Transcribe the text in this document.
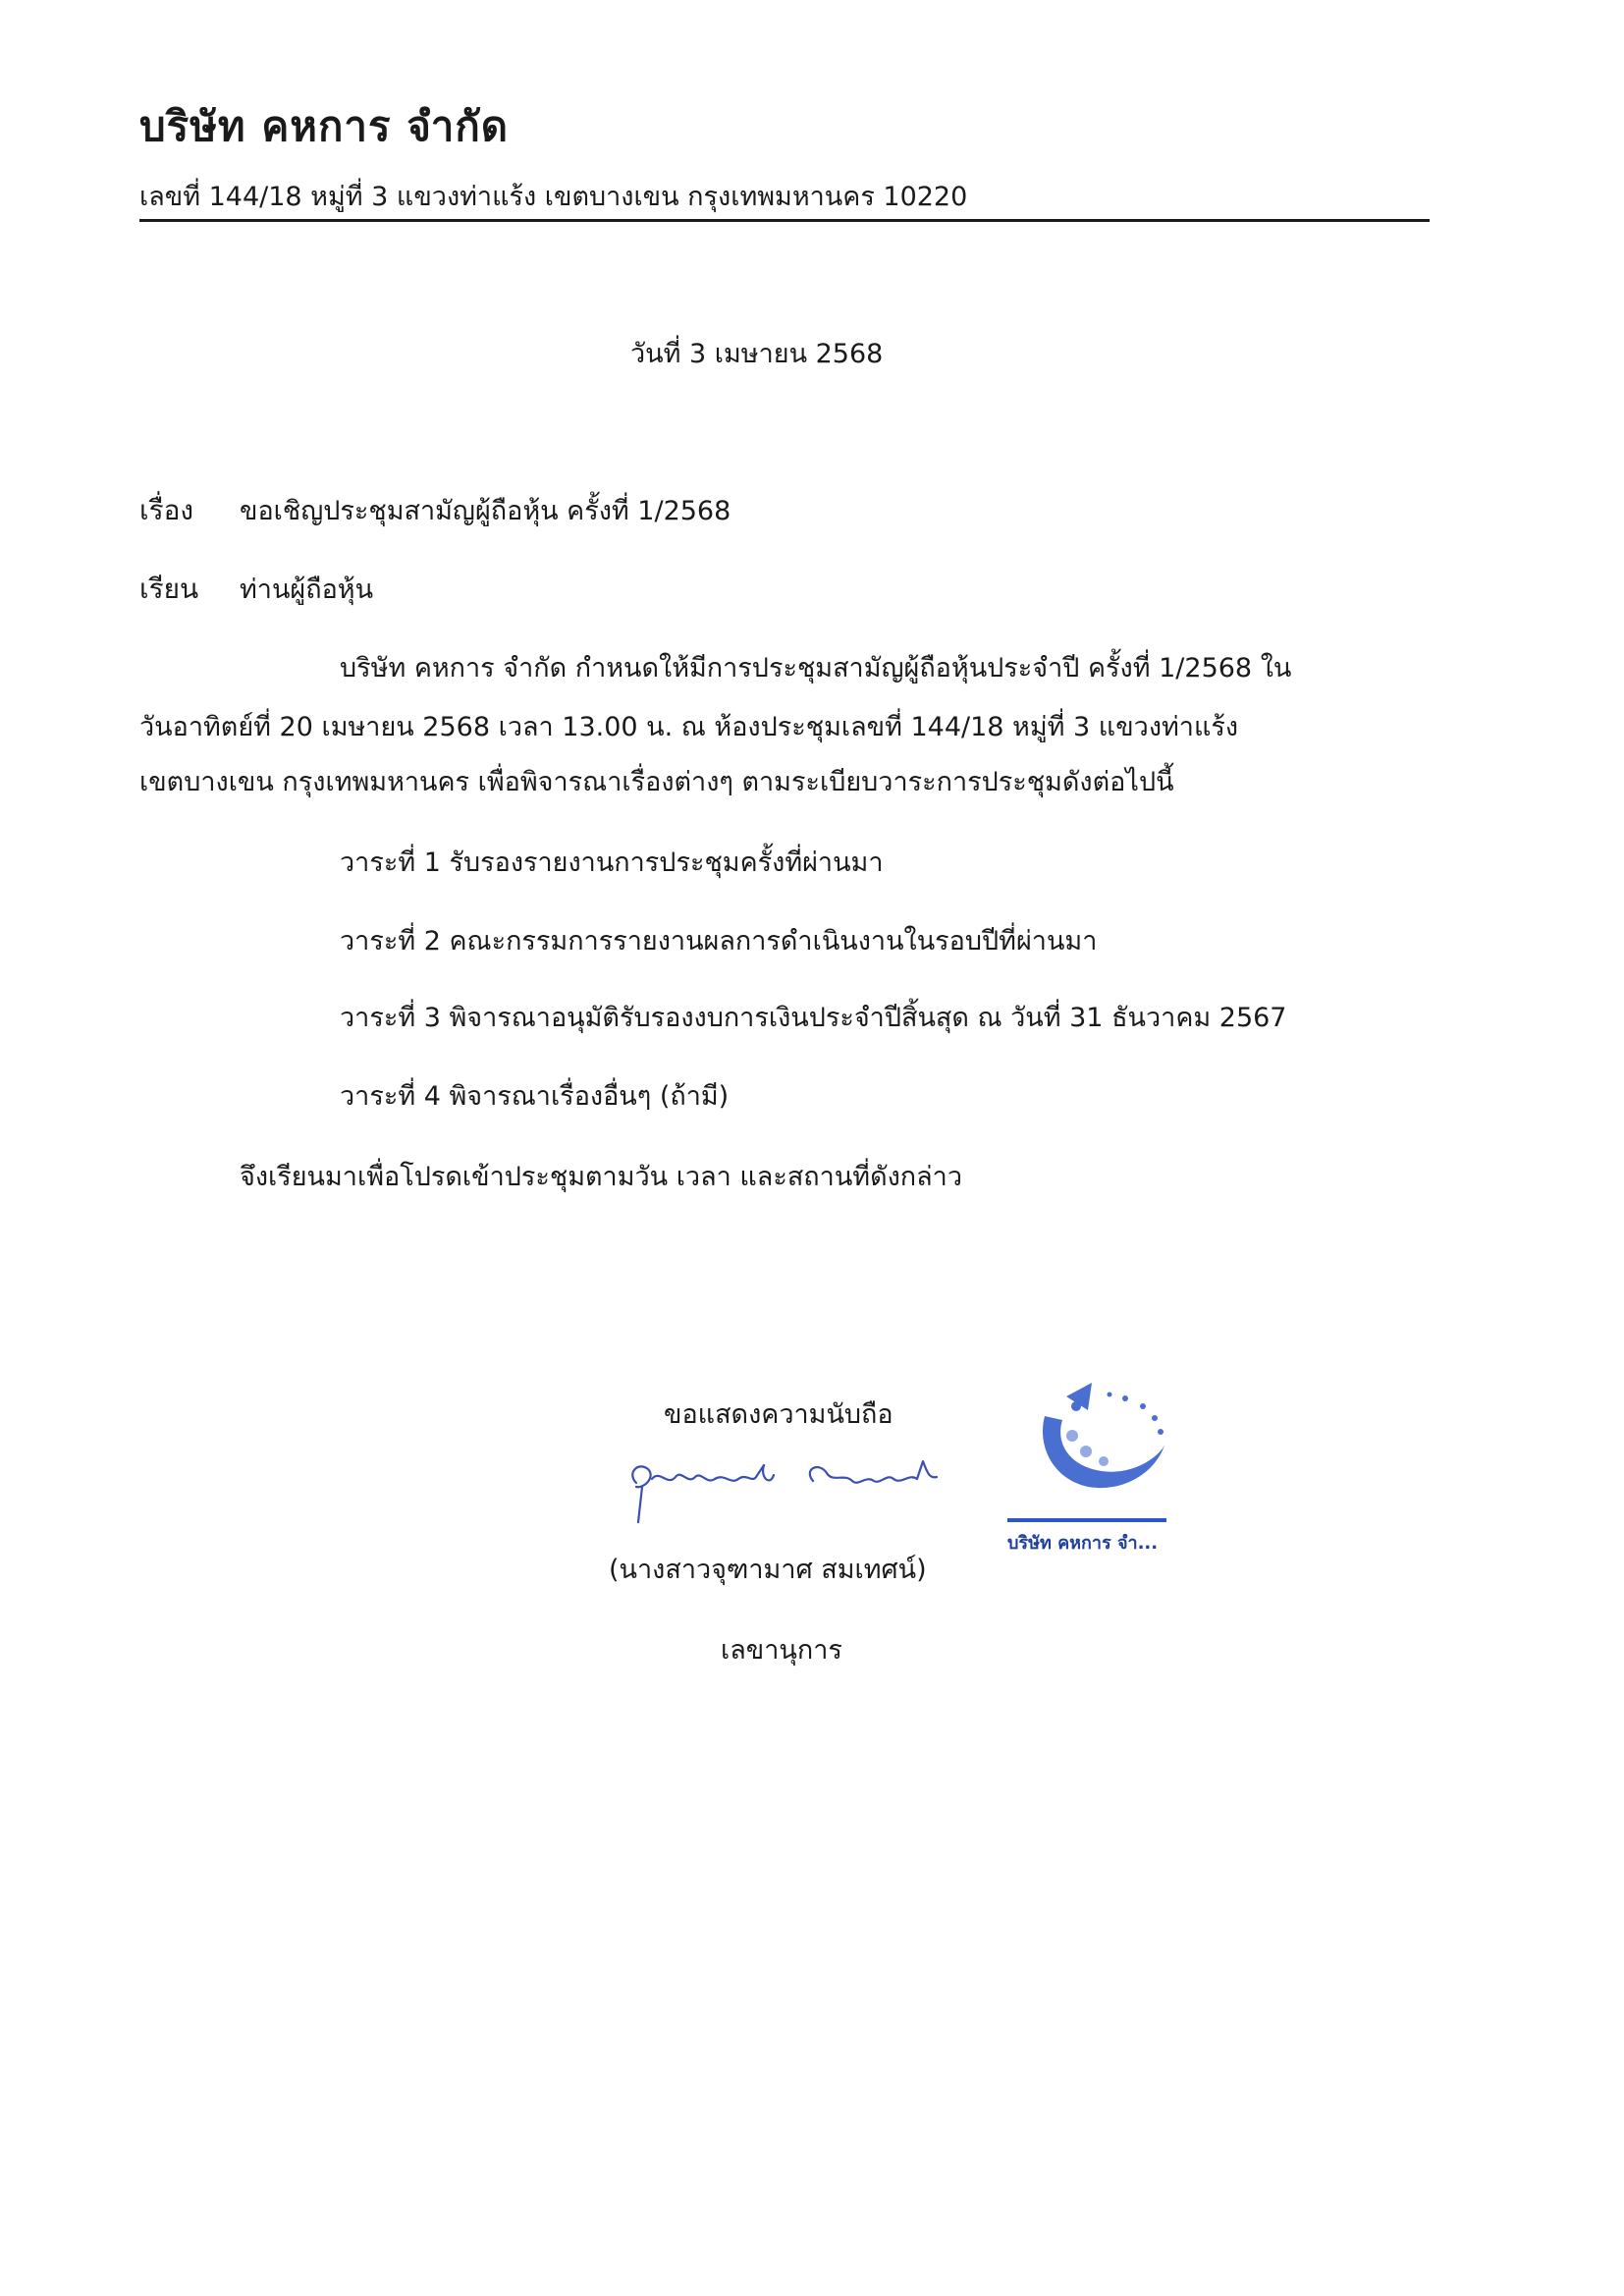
บริษัท คหการ จำกัด
เลขที่ 144/18 หมู่ที่ 3 แขวงท่าแร้ง เขตบางเขน กรุงเทพมหานคร 10220
วันที่ 3 เมษายน 2568
เรื่อง ขอเชิญประชุมสามัญผู้ถือหุ้น ครั้งที่ 1/2568
เรียน ท่านผู้ถือหุ้น
บริษัท คหการ จำกัด กำหนดให้มีการประชุมสามัญผู้ถือหุ้นประจำปี ครั้งที่ 1/2568 ใน
วันอาทิตย์ที่ 20 เมษายน 2568 เวลา 13.00 น. ณ ห้องประชุมเลขที่ 144/18 หมู่ที่ 3 แขวงท่าแร้ง
เขตบางเขน กรุงเทพมหานคร เพื่อพิจารณาเรื่องต่างๆ ตามระเบียบวาระการประชุมดังต่อไปนี้
วาระที่ 1 รับรองรายงานการประชุมครั้งที่ผ่านมา
วาระที่ 2 คณะกรรมการรายงานผลการดำเนินงานในรอบปีที่ผ่านมา
วาระที่ 3 พิจารณาอนุมัติรับรองงบการเงินประจำปีสิ้นสุด ณ วันที่ 31 ธันวาคม 2567
วาระที่ 4 พิจารณาเรื่องอื่นๆ (ถ้ามี)
จึงเรียนมาเพื่อโปรดเข้าประชุมตามวัน เวลา และสถานที่ดังกล่าว
ขอแสดงความนับถือ
(นางสาวจุฑามาศ สมเทศน์)
เลขานุการ
บริษัท คหการ จำ...
